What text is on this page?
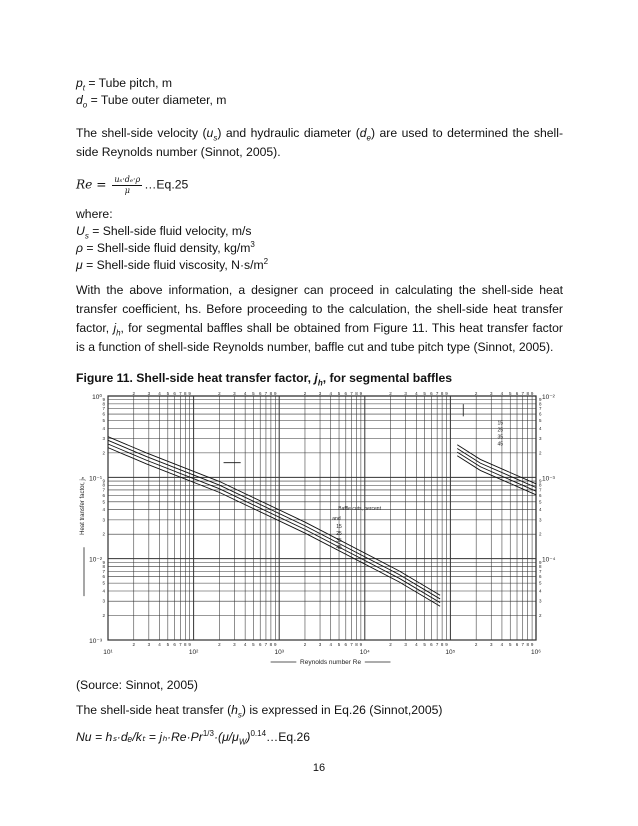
$p_t$ = Tube pitch, m
$d_o$ = Tube outer diameter, m
The shell-side velocity $(u_s)$ and hydraulic diameter $(d_e)$ are used to determined the shell-side Reynolds number (Sinnot, 2005).
$Re = \frac{\text{uₛ·dₑ·ρ}}{\mu}$ …Eq.25
where:
$U_s$ = Shell-side fluid velocity, m/s
ρ = Shell-side fluid density, $kg/m^3$
μ = Shell-side fluid viscosity, $N\cdot s/m^2$
With the above information, a designer can proceed in calculating the shell-side heat transfer coefficient, hs. Before proceeding to the calculation, the shell-side heat transfer factor, $j_h$, for segmental baffles shall be obtained from Figure 11. This heat transfer factor is a function of shell-side Reynolds number, baffle cut and tube pitch type (Sinnot, 2005).
Figure 11. Shell-side heat transfer factor, $j_h$, for segmental baffles
2
2
3
3
4
4
5
5
6
6
7
7
8
8
9
9
2
2
3
3
4
4
5
5
6
6
7
7
8
8
9
9
2
2
3
3
4
4
5
5
6
6
7
7
8
8
9
9
2
2
3
3
4
4
5
5
6
6
7
7
8
8
9
9
2
2
3
3
4
4
5
5
6
6
7
7
8
8
9
9
2	2
3	3
4	4
5	5
6	6
7	7
8	8
9	9
2	2
3	3
4	4
5	5
6	6
7	7
8	8
9	9
2	2
3	3
4	4
5	5
6	6
7	7
8	8
9	9
10⁰
10⁻¹
10⁻²
10⁻³
10⁻²
10⁻³
10⁻⁴
10¹	10²	10³	10⁴	10⁵	10⁶
Reynolds number Re
Heat transfer factor, jₕ	Baffle cuts, percent
and
15
25
35
45
15
25
35
45
(Source: Sinnot, 2005)
The shell-side heat transfer $(h_s)$ is expressed in Eq.26 (Sinnot,2005)
$Nu = h_s\cdot d_e/k_t = j_h\cdot Re\cdot Pr^{1/3}\cdot(\mu/\mu_W)^{0.14}\dots Eq.26$
16
